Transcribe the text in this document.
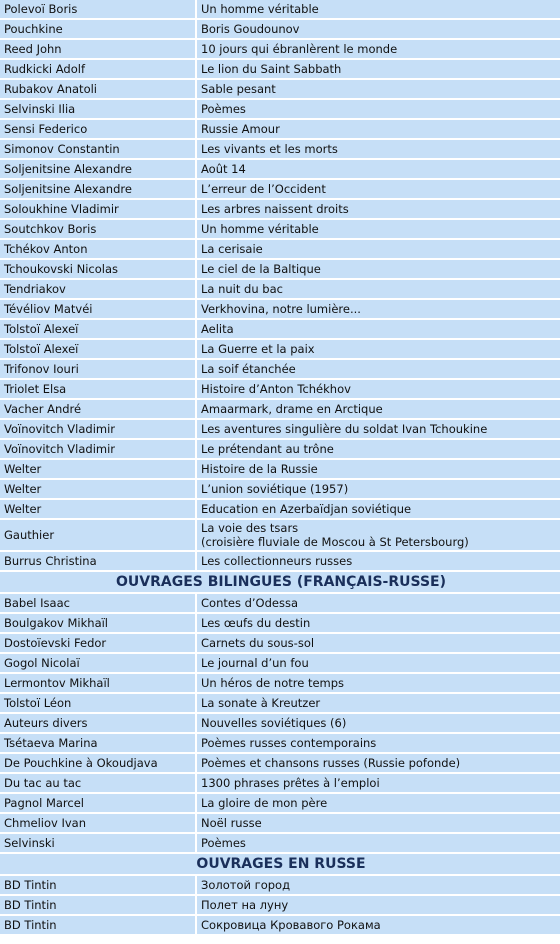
Polevoï Boris	Un homme véritable
Pouchkine	Boris Goudounov
Reed John	10 jours qui ébranlèrent le monde
Rudkicki Adolf	Le lion du Saint Sabbath
Rubakov Anatoli	Sable pesant
Selvinski Ilia	Poèmes
Sensi Federico	Russie Amour
Simonov Constantin	Les vivants et les morts
Soljenitsine Alexandre	Août 14
Soljenitsine Alexandre	L’erreur de l’Occident
Soloukhine Vladimir	Les arbres naissent droits
Soutchkov Boris	Un homme véritable
Tchékov Anton	La cerisaie
Tchoukovski Nicolas	Le ciel de la Baltique
Tendriakov	La nuit du bac
Tévéliov Matvéi	Verkhovina, notre lumière...
Tolstoï Alexeï	Aelita
Tolstoï Alexeï	La Guerre et la paix
Trifonov Iouri	La soif étanchée
Triolet Elsa	Histoire d’Anton Tchékhov
Vacher André	Amaarmark, drame en Arctique
Voïnovitch Vladimir	Les aventures singulière du soldat Ivan Tchoukine
Voïnovitch Vladimir	Le prétendant au trône
Welter	Histoire de la Russie
Welter	L’union soviétique (1957)
Welter	Education en Azerbaïdjan soviétique
Gauthier	La voie des tsars
(croisière fluviale de Moscou à St Petersbourg)
Burrus Christina	Les collectionneurs russes
OUVRAGES BILINGUES (FRANÇAIS-RUSSE)	
Babel Isaac	Contes d’Odessa
Boulgakov Mikhaïl	Les œufs du destin
Dostoïevski Fedor	Carnets du sous-sol
Gogol Nicolaï	Le journal d’un fou
Lermontov Mikhaïl	Un héros de notre temps
Tolstoï Léon	La sonate à Kreutzer
Auteurs divers	Nouvelles soviétiques (6)
Tsétaeva Marina	Poèmes russes contemporains
De Pouchkine à Okoudjava	Poèmes et chansons russes (Russie pofonde)
Du tac au tac	1300 phrases prêtes à l’emploi
Pagnol Marcel	La gloire de mon père
Chmeliov Ivan	Noël russe
Selvinski	Poèmes
OUVRAGES EN RUSSE	
BD Tintin	Золотой город
BD Tintin	Полет на луну
BD Tintin	Сокровица Кровавого Рокама
